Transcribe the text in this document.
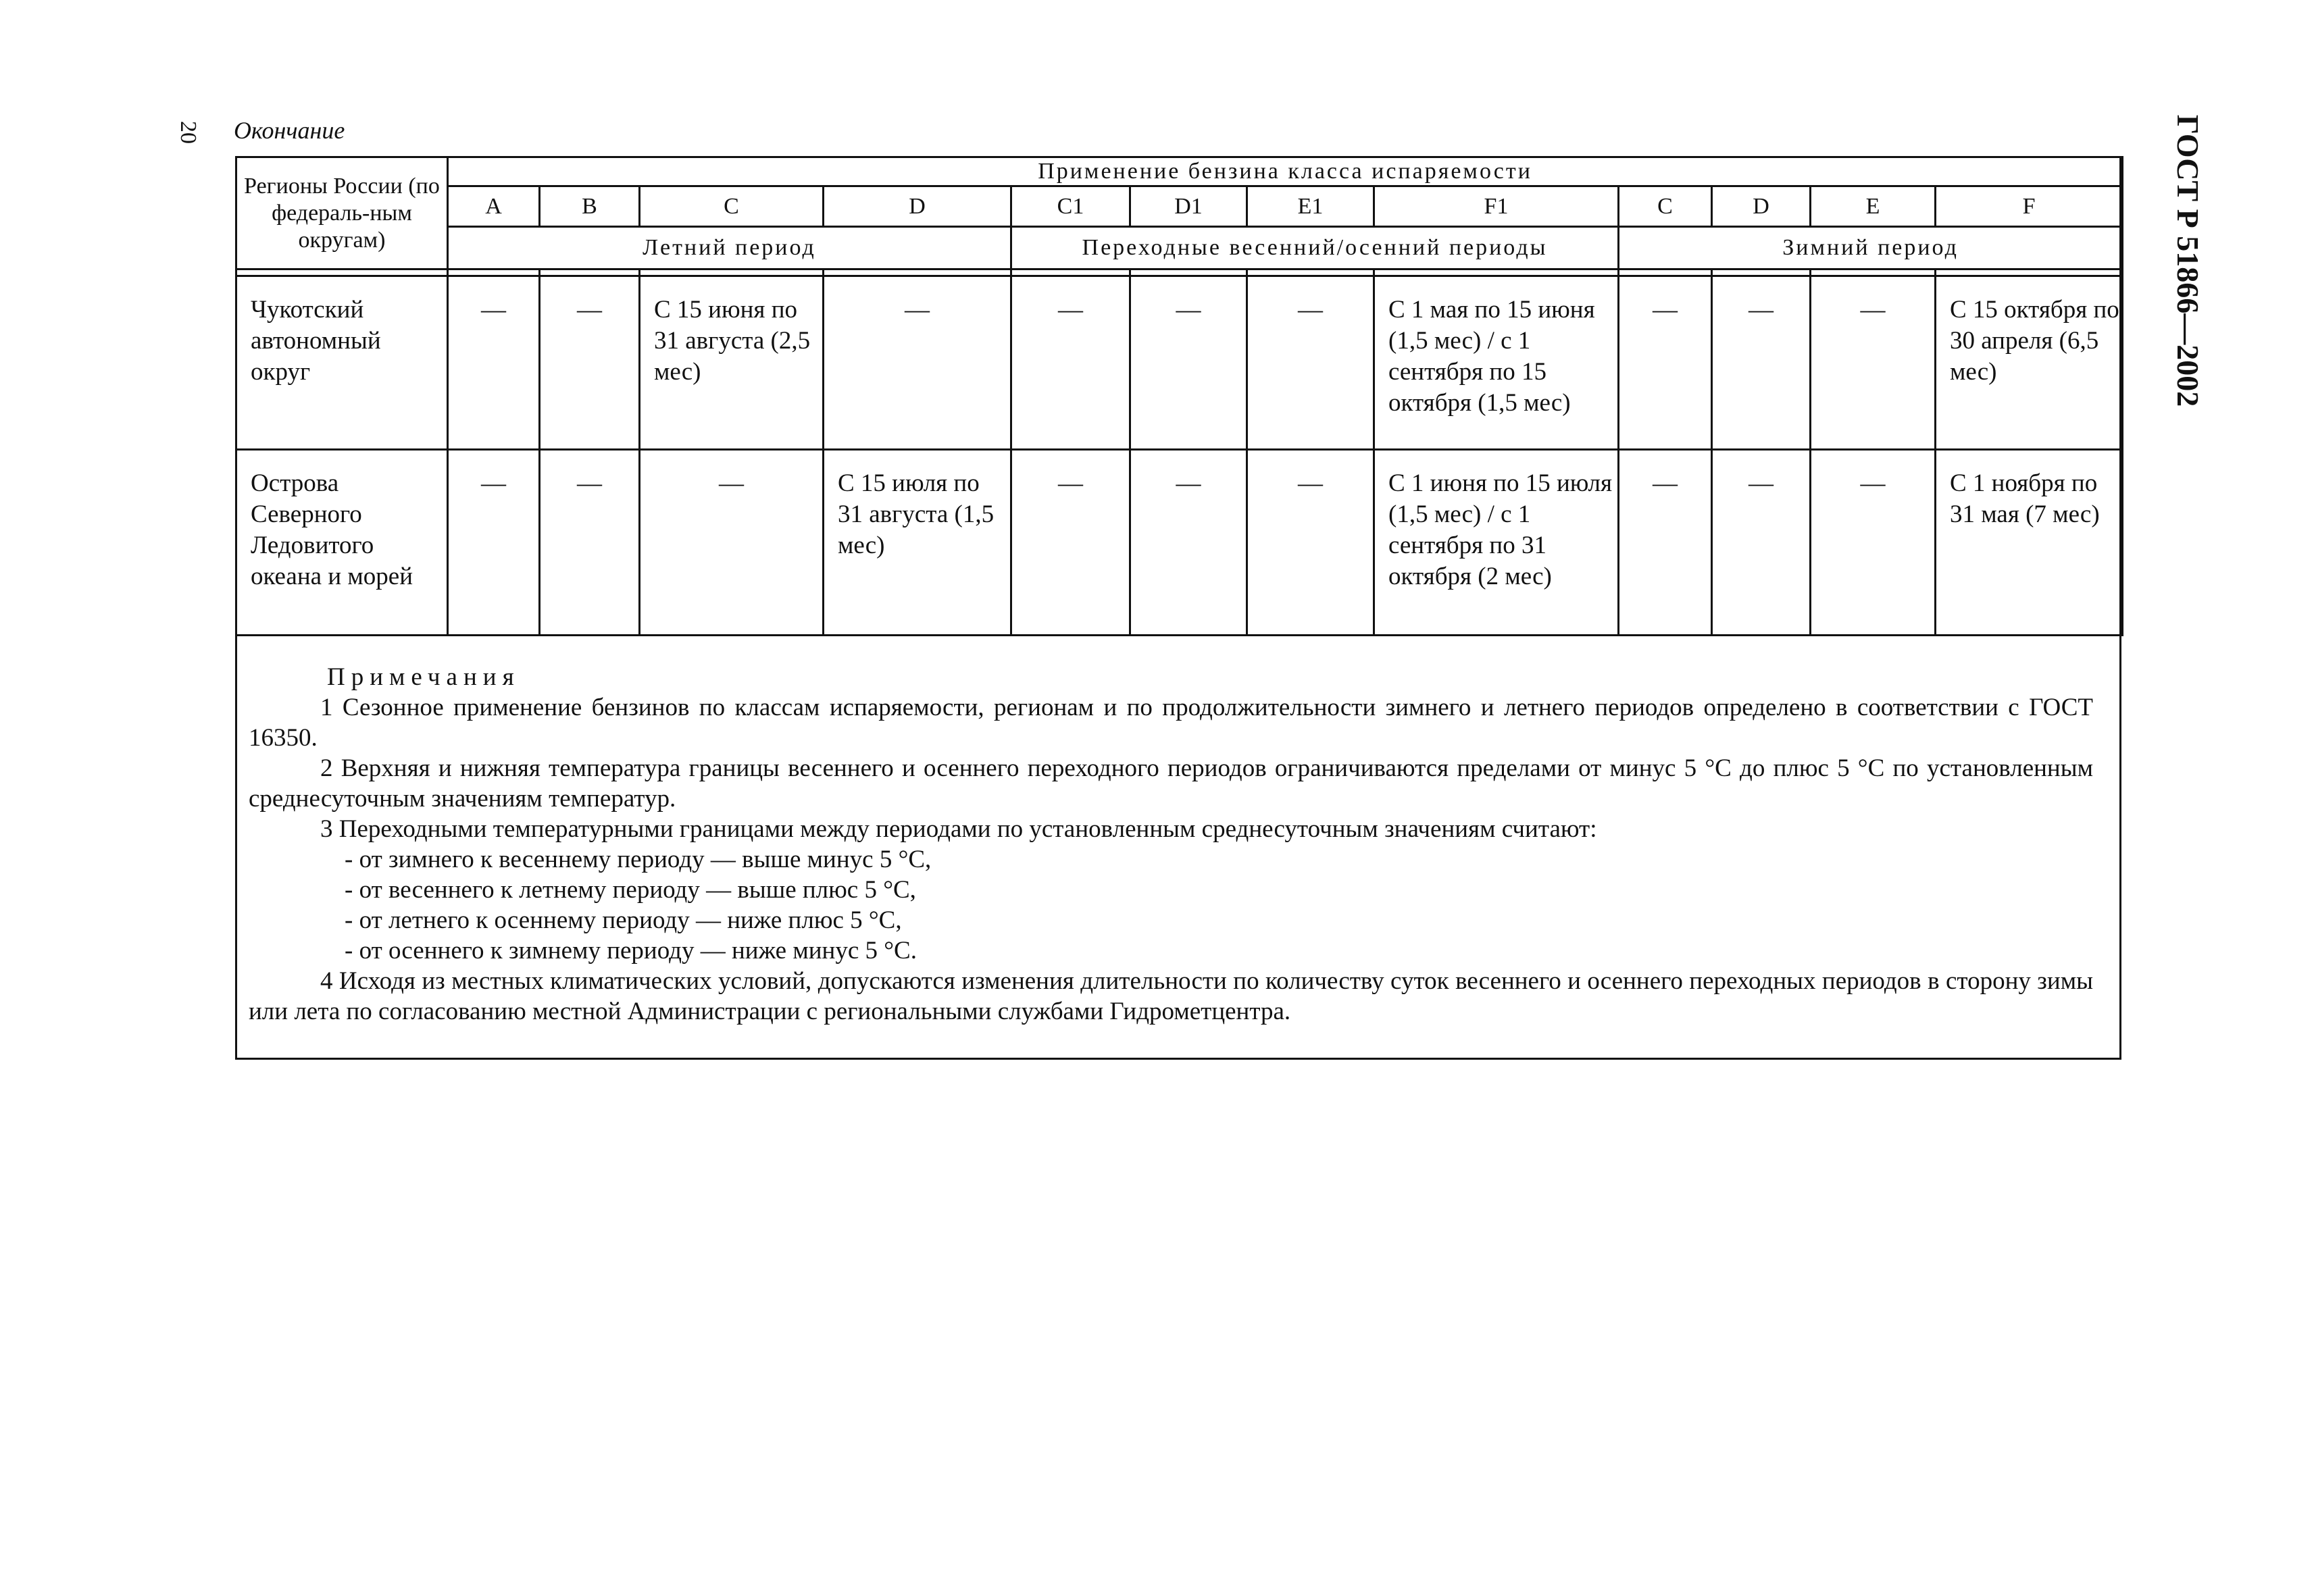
20 Окончание	ГОСТ Р 51866—2002
Регионы России (по федераль-ным округам)	Применение бензина класса испаряемости											
	A	B	C	D	C1	D1	E1	F1	C	D	E	F
	Летний период				Переходные весенний/осенний периоды				Зимний период			

Чукотский автономный округ	—	—	С 15 июня по 31 августа (2,5 мес)	—	—	—	—	С 1 мая по 15 июня (1,5 мес) / с 1 сентября по 15 октября (1,5 мес)	—	—	—	С 15 октября по 30 апреля (6,5 мес)
Острова Северного Ледовитого океана и морей	—	—	—	С 15 июля по 31 августа (1,5 мес)	—	—	—	С 1 июня по 15 июля (1,5 мес) / с 1 сентября по 31 октября (2 мес)	—	—	—	С 1 ноября по 31 мая (7 мес)

Примечания

1 Сезонное применение бензинов по классам испаряемости, регионам и по продолжительности зимнего и летнего периодов определено в соответствии с ГОСТ 16350.

2 Верхняя и нижняя температура границы весеннего и осеннего переходного периодов ограничиваются пределами от минус 5 °С до плюс 5 °С по установленным среднесуточным значениям температур.

3 Переходными температурными границами между периодами по установленным среднесуточным значениям считают:

- от зимнего к весеннему периоду — выше минус 5 °С,

- от весеннего к летнему периоду — выше плюс 5 °С,

- от летнего к осеннему периоду — ниже плюс 5 °С,

- от осеннего к зимнему периоду — ниже минус 5 °С.

4 Исходя из местных климатических условий, допускаются изменения длительности по количеству суток весеннего и осеннего переходных периодов в сторону зимы или лета по согласованию местной Администрации с региональными службами Гидрометцентра.
